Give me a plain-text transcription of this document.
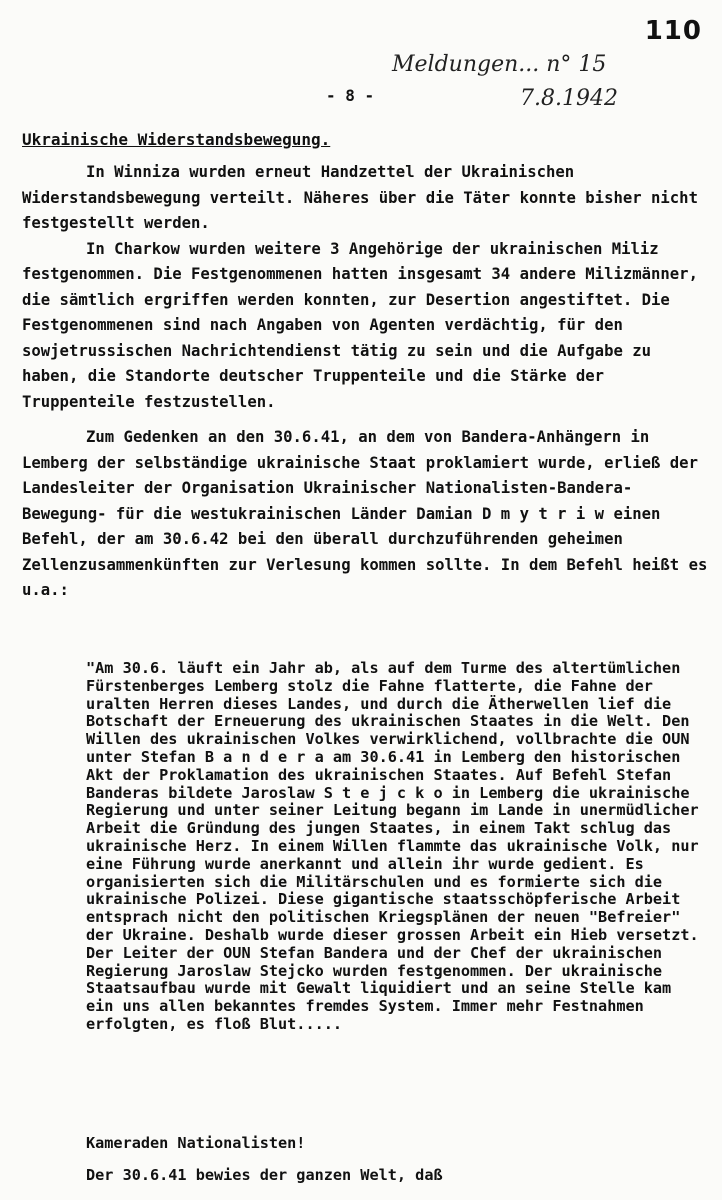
110
Meldungen... n° 15
7.8.1942
- 8 -
Ukrainische Widerstandsbewegung.

In Winniza wurden erneut Handzettel der Ukrainischen Widerstandsbewegung verteilt. Näheres über die Täter konnte bisher nicht festgestellt werden.

In Charkow wurden weitere 3 Angehörige der ukrainischen Miliz festgenommen. Die Festgenommenen hatten insgesamt 34 andere Milizmänner, die sämtlich ergriffen werden konnten, zur Desertion angestiftet. Die Festgenommenen sind nach Angaben von Agenten verdächtig, für den sowjetrussischen Nachrichtendienst tätig zu sein und die Aufgabe zu haben, die Standorte deutscher Truppenteile und die Stärke der Truppenteile festzustellen.

Zum Gedenken an den 30.6.41, an dem von Bandera-Anhängern in Lemberg der selbständige ukrainische Staat proklamiert wurde, erließ der Landesleiter der Organisation Ukrainischer Nationalisten-Bandera-Bewegung- für die westukrainischen Länder Damian D m y t r i w einen Befehl, der am 30.6.42 bei den überall durchzuführenden geheimen Zellenzusammenkünften zur Verlesung kommen sollte. In dem Befehl heißt es u.a.:

"Am 30.6. läuft ein Jahr ab, als auf dem Turme des altertümlichen Fürstenberges Lemberg stolz die Fahne flatterte, die Fahne der uralten Herren dieses Landes, und durch die Ätherwellen lief die Botschaft der Erneuerung des ukrainischen Staates in die Welt. Den Willen des ukrainischen Volkes verwirklichend, vollbrachte die OUN unter Stefan B a n d e r a am 30.6.41 in Lemberg den historischen Akt der Proklamation des ukrainischen Staates. Auf Befehl Stefan Banderas bildete Jaroslaw S t e j c k o in Lemberg die ukrainische Regierung und unter seiner Leitung begann im Lande in unermüdlicher Arbeit die Gründung des jungen Staates, in einem Takt schlug das ukrainische Herz. In einem Willen flammte das ukrainische Volk, nur eine Führung wurde anerkannt und allein ihr wurde gedient. Es organisierten sich die Militärschulen und es formierte sich die ukrainische Polizei. Diese gigantische staatsschöpferische Arbeit entsprach nicht den politischen Kriegsplänen der neuen "Befreier" der Ukraine. Deshalb wurde dieser grossen Arbeit ein Hieb versetzt. Der Leiter der OUN Stefan Bandera und der Chef der ukrainischen Regierung Jaroslaw Stejcko wurden festgenommen. Der ukrainische Staatsaufbau wurde mit Gewalt liquidiert und an seine Stelle kam ein uns allen bekanntes fremdes System. Immer mehr Festnahmen erfolgten, es floß Blut.....

Kameraden Nationalisten!

Der 30.6.41 bewies der ganzen Welt, daß
